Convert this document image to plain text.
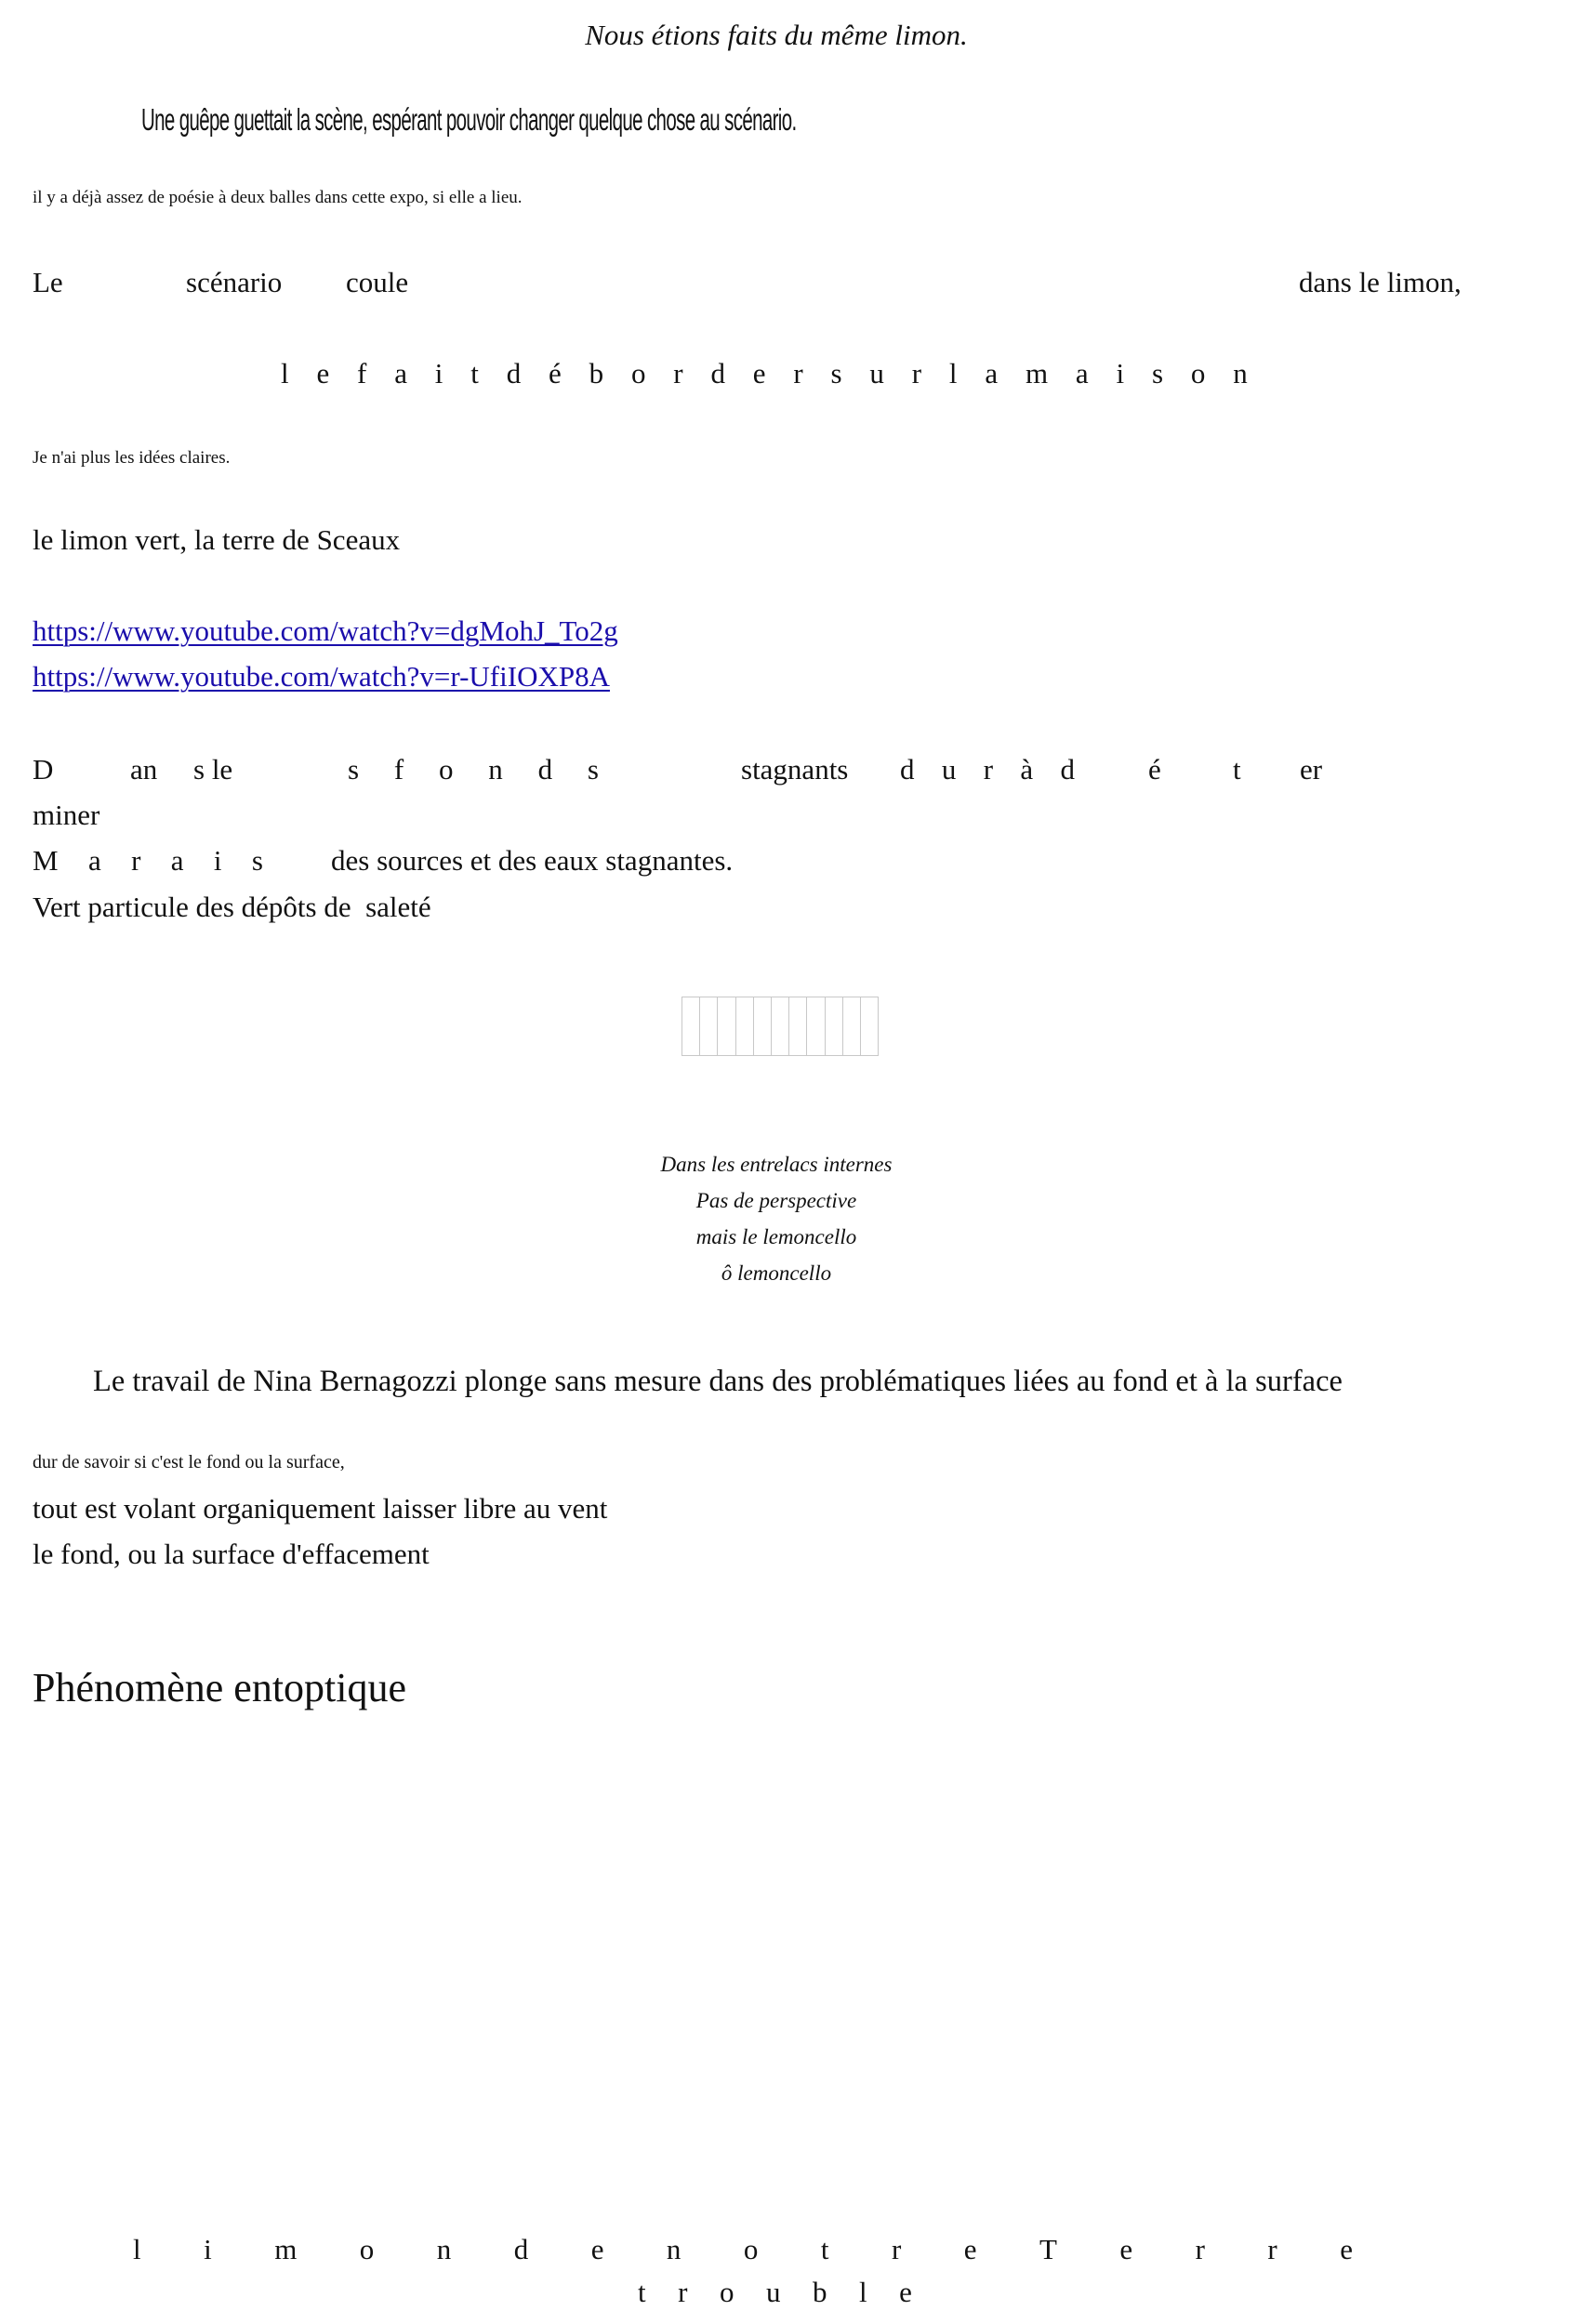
Nous étions faits du même limon.

Une guêpe guettait la scène, espérant pouvoir changer quelque chose au scénario.

il y a déjà assez de poésie à deux balles dans cette expo, si elle a lieu.

Le	scénario coule	dans le limon,

l e f a i t d é b o r d e r s u r l a m a i s o n

Je n'ai plus les idées claires.

le limon vert, la terre de Sceaux

https://www.youtube.com/watch?v=dgMohJ_To2g
https://www.youtube.com/watch?v=r-UfiIOXP8A

D	an s le	s f o n d s	stagnants d u r à d	é t er

miner

M a r a i s des sources et des eaux stagnantes.

Vert particule des dépôts de  saleté

Dans les entrelacs internes
Pas de perspective
mais le lemoncello
ô lemoncello

Le travail de Nina Bernagozzi plonge sans mesure dans des problématiques liées au fond et à la surface

dur de savoir si c'est le fond ou la surface,

tout est volant organiquement laisser libre au vent

le fond, ou la surface d'effacement

Phénomène entoptique
l i m o n d e n o t r e T e r r e
t r o u b l e
